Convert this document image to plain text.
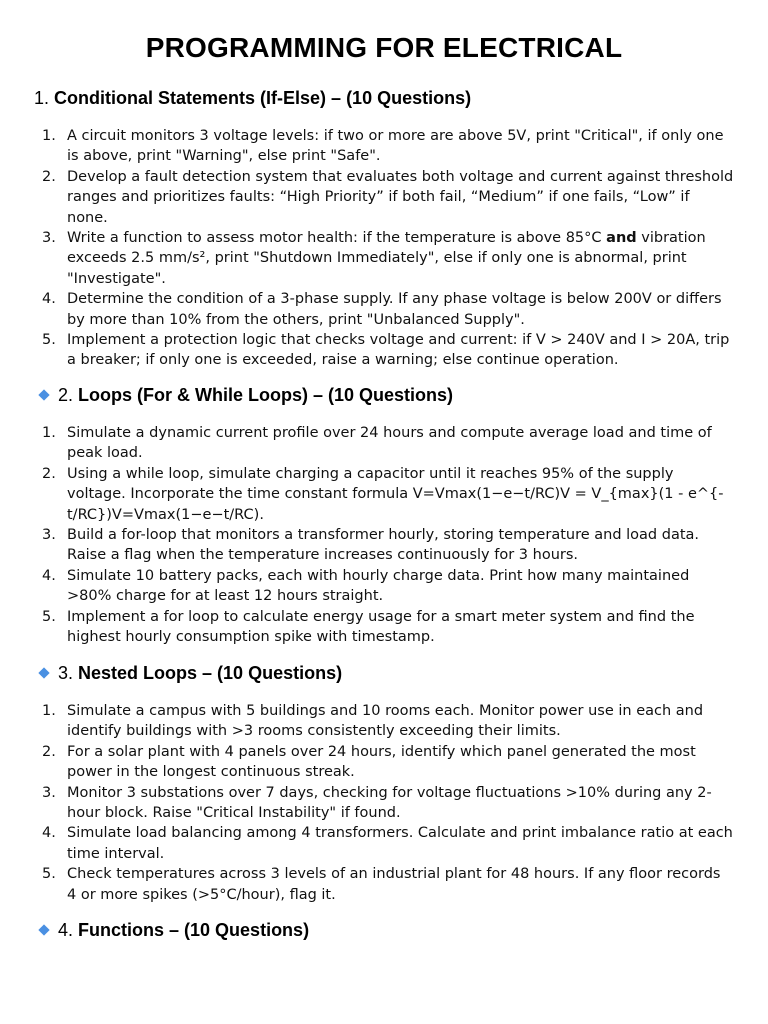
PROGRAMMING FOR ELECTRICAL
1. Conditional Statements (If-Else) – (10 Questions)
1. A circuit monitors 3 voltage levels: if two or more are above 5V, print "Critical", if only one is above, print "Warning", else print "Safe".
2. Develop a fault detection system that evaluates both voltage and current against threshold ranges and prioritizes faults: “High Priority” if both fail, “Medium” if one fails, “Low” if none.
3. Write a function to assess motor health: if the temperature is above 85°C and vibration exceeds 2.5 mm/s², print "Shutdown Immediately", else if only one is abnormal, print "Investigate".
4. Determine the condition of a 3-phase supply. If any phase voltage is below 200V or differs by more than 10% from the others, print "Unbalanced Supply".
5. Implement a protection logic that checks voltage and current: if V > 240V and I > 20A, trip a breaker; if only one is exceeded, raise a warning; else continue operation.
2. Loops (For & While Loops) – (10 Questions)
1. Simulate a dynamic current profile over 24 hours and compute average load and time of peak load.
2. Using a while loop, simulate charging a capacitor until it reaches 95% of the supply voltage. Incorporate the time constant formula V=Vmax(1−e−t/RC)V = V_{max}(1 - e^{-t/RC})V=Vmax(1−e−t/RC).
3. Build a for-loop that monitors a transformer hourly, storing temperature and load data. Raise a flag when the temperature increases continuously for 3 hours.
4. Simulate 10 battery packs, each with hourly charge data. Print how many maintained >80% charge for at least 12 hours straight.
5. Implement a for loop to calculate energy usage for a smart meter system and find the highest hourly consumption spike with timestamp.
3. Nested Loops – (10 Questions)
1. Simulate a campus with 5 buildings and 10 rooms each. Monitor power use in each and identify buildings with >3 rooms consistently exceeding their limits.
2. For a solar plant with 4 panels over 24 hours, identify which panel generated the most power in the longest continuous streak.
3. Monitor 3 substations over 7 days, checking for voltage fluctuations >10% during any 2-hour block. Raise "Critical Instability" if found.
4. Simulate load balancing among 4 transformers. Calculate and print imbalance ratio at each time interval.
5. Check temperatures across 3 levels of an industrial plant for 48 hours. If any floor records 4 or more spikes (>5°C/hour), flag it.
4. Functions – (10 Questions)
